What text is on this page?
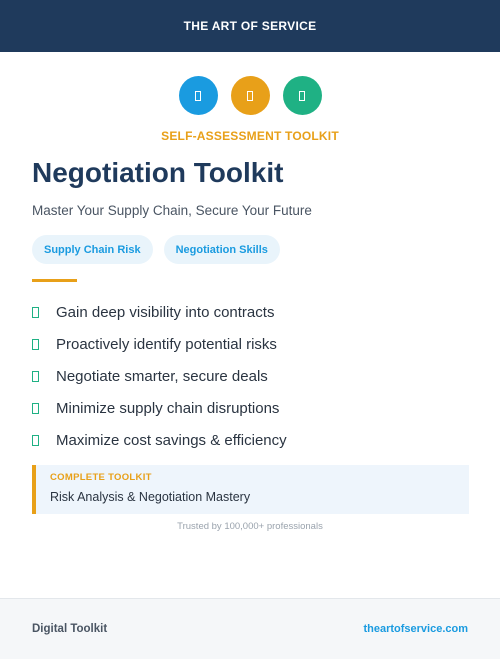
THE ART OF SERVICE
SELF-ASSESSMENT TOOLKIT
Negotiation Toolkit
Master Your Supply Chain, Secure Your Future
Supply Chain Risk	Negotiation Skills
Gain deep visibility into contracts
Proactively identify potential risks
Negotiate smarter, secure deals
Minimize supply chain disruptions
Maximize cost savings & efficiency
COMPLETE TOOLKIT
Risk Analysis & Negotiation Mastery
Trusted by 100,000+ professionals
Digital Toolkit	theartofservice.com
